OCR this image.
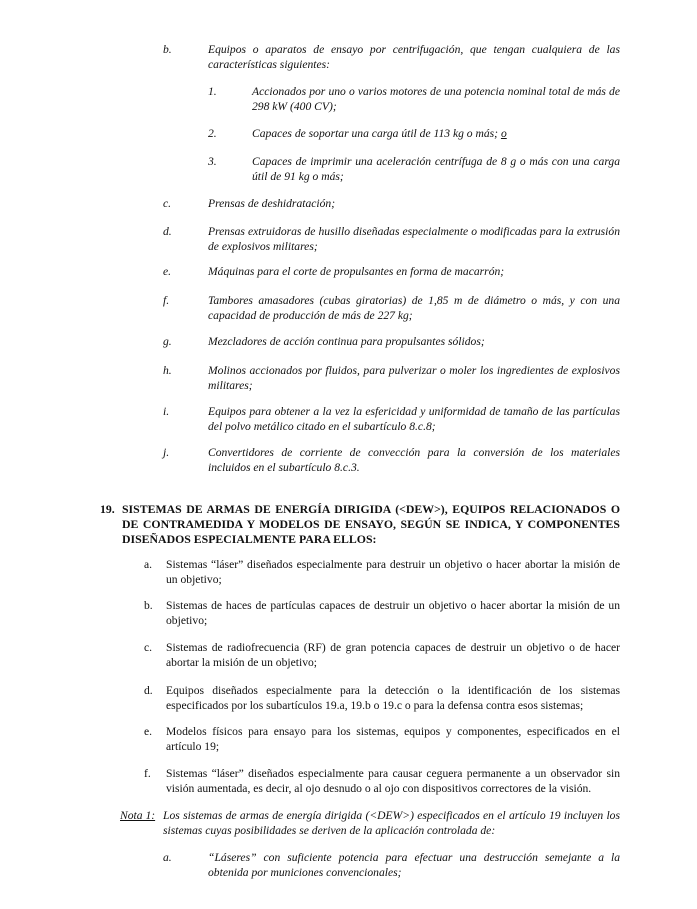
b.	Equipos o aparatos de ensayo por centrifugación, que tengan cualquiera de las características siguientes:
1.	Accionados por uno o varios motores de una potencia nominal total de más de 298 kW (400 CV);
2.	Capaces de soportar una carga útil de 113 kg o más; o
3.	Capaces de imprimir una aceleración centrífuga de 8 g o más con una carga útil de 91 kg o más;
c.	Prensas de deshidratación;
d.	Prensas extruidoras de husillo diseñadas especialmente o modificadas para la extrusión de explosivos militares;
e.	Máquinas para el corte de propulsantes en forma de macarrón;
f.	Tambores amasadores (cubas giratorias) de 1,85 m de diámetro o más, y con una capacidad de producción de más de 227 kg;
g.	Mezcladores de acción continua para propulsantes sólidos;
h.	Molinos accionados por fluidos, para pulverizar o moler los ingredientes de explosivos militares;
i.	Equipos para obtener a la vez la esfericidad y uniformidad de tamaño de las partículas del polvo metálico citado en el subartículo 8.c.8;
j.	Convertidores de corriente de convección para la conversión de los materiales incluidos en el subartículo 8.c.3.
19. SISTEMAS DE ARMAS DE ENERGÍA DIRIGIDA (<DEW>), EQUIPOS RELACIONADOS O DE CONTRAMEDIDA Y MODELOS DE ENSAYO, SEGÚN SE INDICA, Y COMPONENTES DISEÑADOS ESPECIALMENTE PARA ELLOS:
a. Sistemas “láser” diseñados especialmente para destruir un objetivo o hacer abortar la misión de un objetivo;
b. Sistemas de haces de partículas capaces de destruir un objetivo o hacer abortar la misión de un objetivo;
c. Sistemas de radiofrecuencia (RF) de gran potencia capaces de destruir un objetivo o de hacer abortar la misión de un objetivo;
d. Equipos diseñados especialmente para la detección o la identificación de los sistemas especificados por los subartículos 19.a, 19.b o 19.c o para la defensa contra esos sistemas;
e. Modelos físicos para ensayo para los sistemas, equipos y componentes, especificados en el artículo 19;
f. Sistemas “láser” diseñados especialmente para causar ceguera permanente a un observador sin visión aumentada, es decir, al ojo desnudo o al ojo con dispositivos correctores de la visión.
Nota 1: Los sistemas de armas de energía dirigida (<DEW>) especificados en el artículo 19 incluyen los sistemas cuyas posibilidades se deriven de la aplicación controlada de:
a.	“Láseres” con suficiente potencia para efectuar una destrucción semejante a la obtenida por municiones convencionales;
